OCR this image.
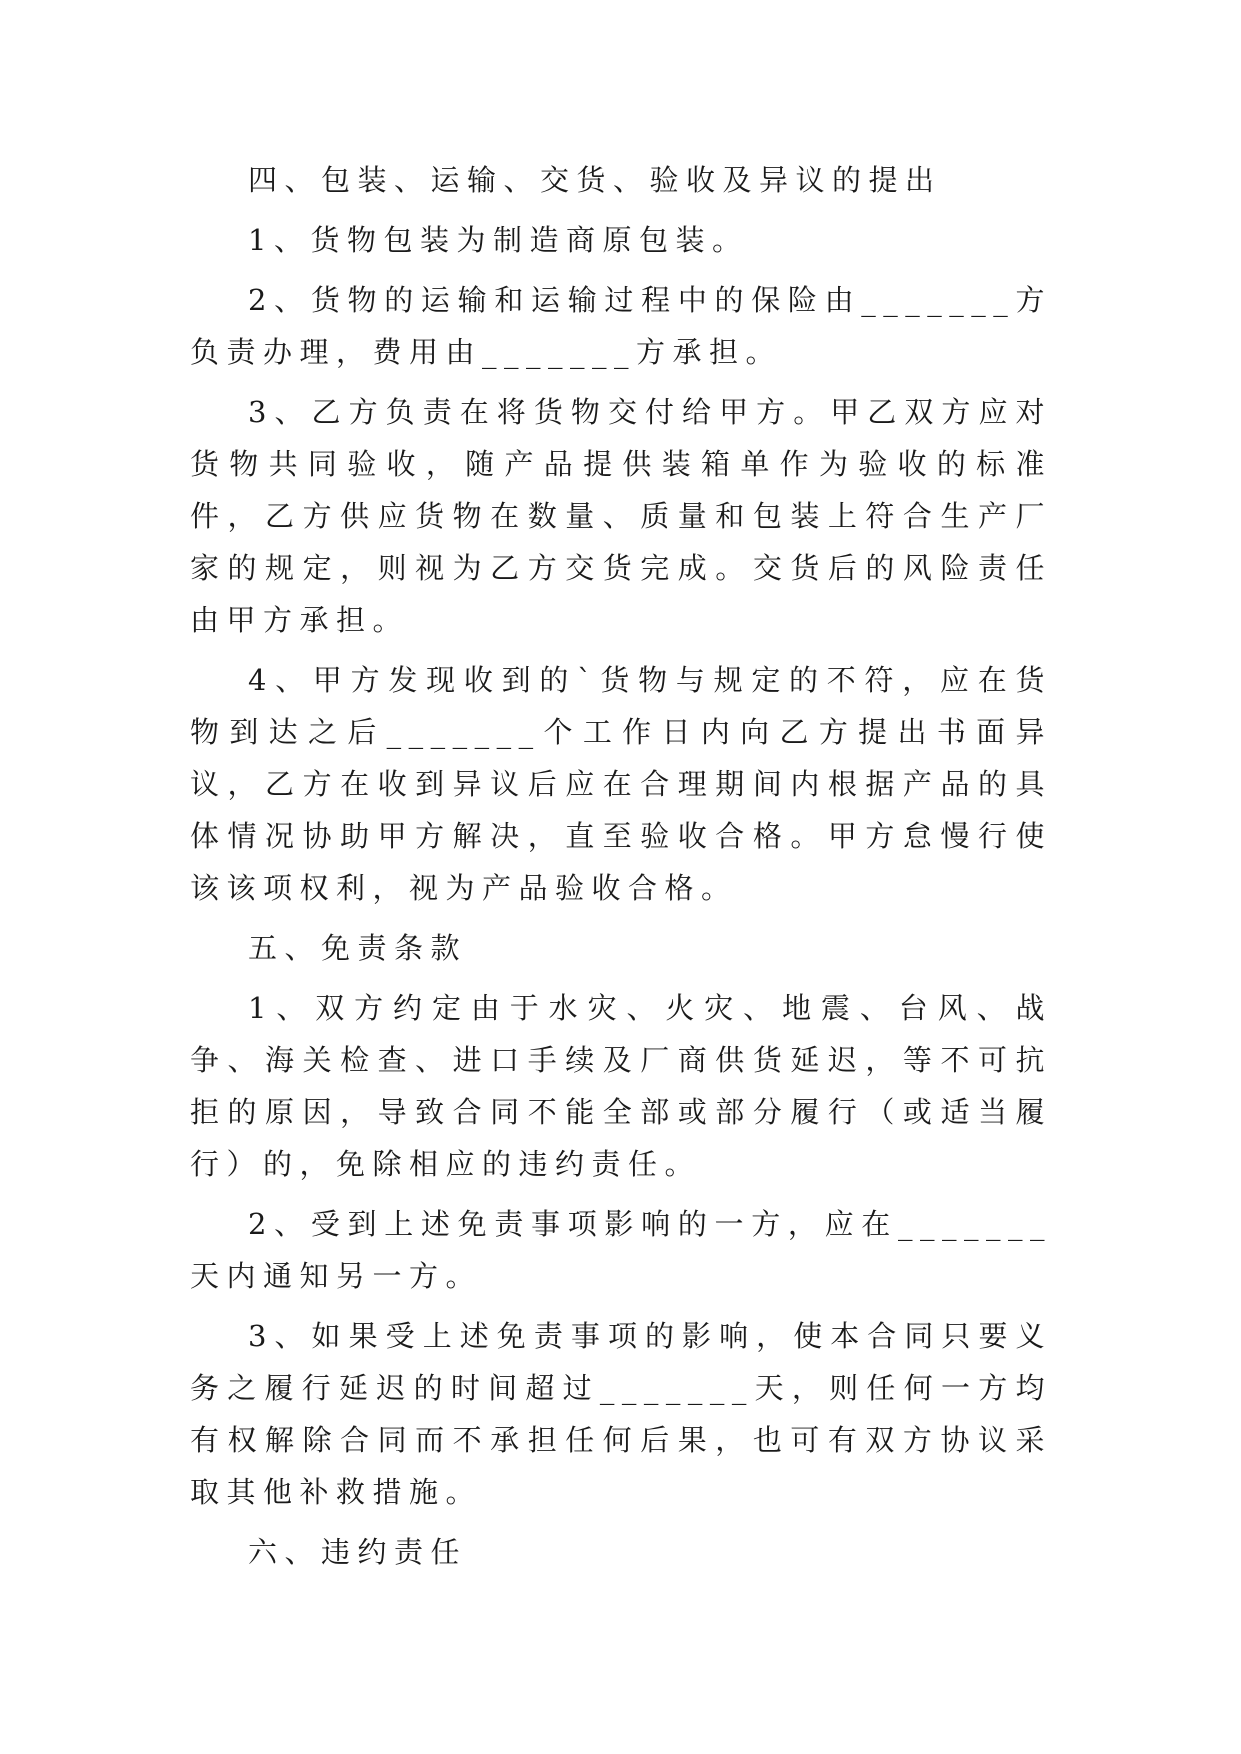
四、包装、运输、交货、验收及异议的提出

1、货物包装为制造商原包装。

2、货物的运输和运输过程中的保险由_______方负责办理，费用由_______方承担。

3、乙方负责在将货物交付给甲方。甲乙双方应对货物共同验收，随产品提供装箱单作为验收的标准件，乙方供应货物在数量、质量和包装上符合生产厂家的规定，则视为乙方交货完成。交货后的风险责任由甲方承担。

4、甲方发现收到的`货物与规定的不符，应在货物到达之后_______个工作日内向乙方提出书面异议，乙方在收到异议后应在合理期间内根据产品的具体情况协助甲方解决，直至验收合格。甲方怠慢行使该该项权利，视为产品验收合格。

五、免责条款

1、双方约定由于水灾、火灾、地震、台风、战争、海关检查、进口手续及厂商供货延迟，等不可抗拒的原因，导致合同不能全部或部分履行（或适当履行）的，免除相应的违约责任。

2、受到上述免责事项影响的一方，应在_______天内通知另一方。

3、如果受上述免责事项的影响，使本合同只要义务之履行延迟的时间超过_______天，则任何一方均有权解除合同而不承担任何后果，也可有双方协议采取其他补救措施。

六、违约责任
